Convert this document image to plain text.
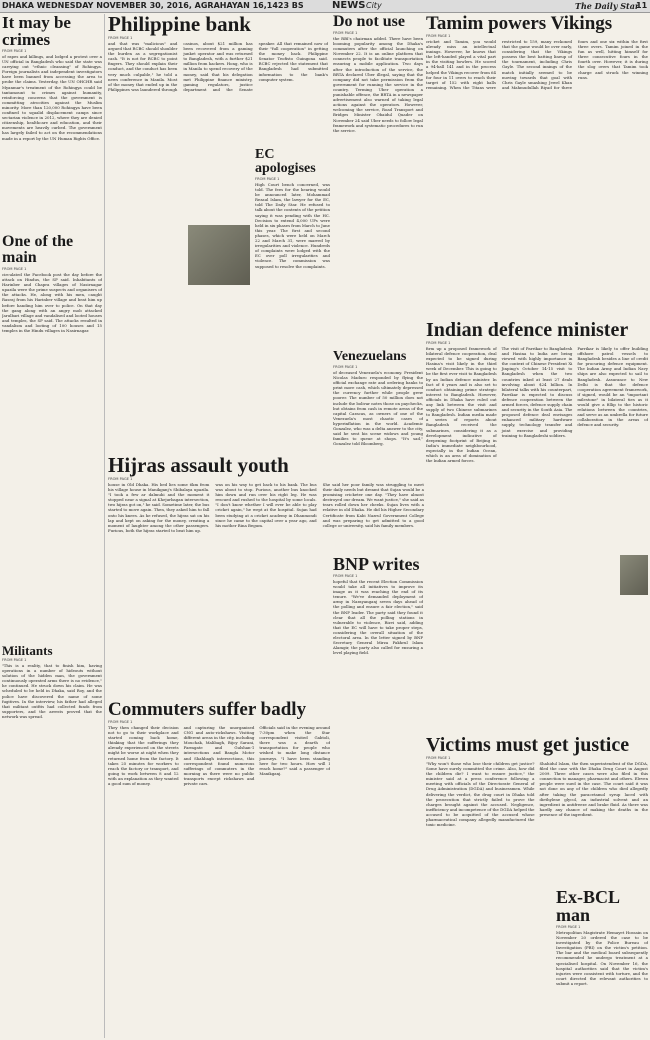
DHAKA WEDNESDAY NOVEMBER 30, 2016, AGRAHAYAN 16,1423 BS	NEWS City	The Daily Star
11
It may be crimes
FROM PAGE 1

of rapes and killings, and lodged a protest over a UN official in Bangladesh who said the state was carrying out "ethnic cleansing" of Rohingya. Foreign journalists and independent investigators have been banned from accessing the area to probe the claims. Yesterday, the UN OHCHR said Myanmar's treatment of the Rohingya could be tantamount to crimes against humanity, reinforcing concerns that the government is committing atrocities against the Muslim minority. More than 120,000 Rohingya have been confined to squalid displacement camps since sectarian violence in 2012, where they are denied citizenship, healthcare and education, and their movements are heavily curbed. The government has largely failed to act on the recommendations made in a report by the UN Human Rights Office.

One of the main
FROM PAGE 1

circulated the Facebook post the day before the attack on Hindus, the SP said. Inhabitants of Harinber and Chapra villages of Nasirnagar upazila were the prime suspects and organisers of the attacks. He, along with his men, caught Rasraj from his Harinber village and beat him up before handing him over to police. On that day the gang along with an angry mob attacked Jarulbari village and vandalised and looted houses and temples, the SP said. The attacks resulted in vandalism and looting of 100 houses and 15 temples in the Hindu villages in Nasirnagar.

Militants
FROM PAGE 1

"This is a reality, that to finish him, having operations in a number of hideouts without solution of the hidden man, the government continuously operated arms there is no evidence," he continued. He struck down his claim. He was scheduled to be held in Dhaka, said Roy, and the police have discovered the name of some fugitives. In the interview, his father had alleged that militant outfits had collected funds from supporters, and the arrests proved that the network was spread.

Philippine bank
FROM PAGE 1

and that was "malicious" and argued that RCBC should shoulder the burden as a segregationist cash. "It is not for RCBC to point fingers. They should explain their conduct, and the conduct has been very much culpable," he told a news conference in Manila. Most of the money that ended up in the Philippines was laundered through casinos, about $21 million has been recovered from a gaming junket operator and was returned to Bangladesh, with a further $21 million from hackers. Hong, who is in Manila to spend recovery of the money, said that his delegation met Philippine finance ministry, gaming regulators, justice department and the Senate speaker. All that remained now of their "full cooperation" in getting the money back. Philippine Senator Teofisto Guingona said. RCBC rejected the statement that Bangladesh had submitted information to the bank's computer system.

EC apologises
FROM PAGE 1

High Court bench concerned, was told. The fees for the hearing would be announced later, Mohammad Rezaul Islam, the lawyer for the EC, told The Daily Star. He refused to talk about the contents of the petition saying it was pending with the HC. Decision to extend 4,000 UPs were held in six phases from March to June this year. The first and second phases, which were held on March 22 and March 31, were marred by irregularities and violence. Hundreds of complaints were lodged with the EC over poll irregularities and violence. The commission was supposed to resolve the complaints.

Do not use
FROM PAGE 1

the RBI's chairman added. There have been booming popularity among the Dhaka's commuters after the official launching on November 22. It is an online platform that connects people to facilitate transportation ensuring a mobile application. Two days after the introduction of the service, the BRTA declared Uber illegal, saying that the company did not take permission from the government for running the service in the country. Terming Uber operation a punishable offence, the BRTA in a newspaper advertisement also warned of taking legal actions against the operators. However, welcoming the service, Road Transport and Bridges Minister Obaidul Quader on November 24 said Uber needs to follow legal framework and systematic procedures to run the service.

Venezuelans
FROM PAGE 1

of deceased Venezuela's economy. President Nicolas Maduro responded by flying the official exchange rate and ordering banks to print more cash, which ultimately depressed the currency further while people grew poorer. The number of 50 million does not include the bolivar notes those on paychecks, but obtains from cash in remote areas of the capital Caracas, as owners of one of the Venezuela's most chaotic cases of hyperinflation in the world. Academic Gonzalez, who was a delta answer to the city, said he sent his scene widows and young families to queue at shops. "It's sad," Gonzalez told Bloomberg.

Tamim powers Vikings
FROM PAGE 1

cricket and Tamim, you would already miss an intellectual innings. However, he knows that the left-handed played a vital part in the visiting bowlers. He scored a 94-ball 141 and in the process helped the Vikings recover from 64 for four in 11 overs to reach their target of 152 with eight balls remaining. When the Titans were restricted to 159, many reckoned that the game would be over early, considering that the Vikings possess the best batting lineup of the tournament, including Chris Gayle. The second innings of the match initially seemed to be moving towards that goal with Chris Gayle smashing Jewel Khan and Mahmudullah Riyad for three fours and one six within the first three overs. Tamim joined in the fun as well, hitting himself for three consecutive fours in the fourth over. However, it is during the slog overs that Tamim took charge and struck the winning runs.

Indian defence minister
FROM PAGE 1

firm up a proposed framework of bilateral defence cooperation, deal expected to be signed during Hasina's visit likely in the third week of December. This is going to be the first ever visit to Bangladesh by an Indian defence minister. In fact of 6 years and is also set to conduct obtaining prime strategic interest to Bangladesh. However, officials in Dhaka have ruled out any link between the visit and supply of two Chinese submarines to Bangladesh. Indian media made a series of reports about Bangladesh received the submarines, considering it as a development indicative of deepening footprint of Beijing in India's immediate neighbourhood, especially in the Indian Ocean, which is an area of domination of the Indian armed forces.

The visit of Parrikar to Bangladesh and Hasina to India are being viewed with highly importance in the context of Chinese President Xi Jinping's October 14-15 visit to Bangladesh when the two countries inked at least 27 deals involving about $24 billion. In bilateral talks with his counterpart, Parrikar is expected to discuss defence cooperation between the armed forces, defence supply chain and security in the South Asia. The proposed defence deal envisages enhanced military hardware supply, technology transfer and joint exercise and providing training to Bangladeshi soldiers.

Parrikar is likely to offer building offshore patrol vessels to Bangladesh besides a line of credit for procuring defence equipment. The Indian Army and Indian Navy ships are also expected to sail to Bangladesh. Assurance to New Delhi is that the defence cooperation agreement framework, if signed, would be an "important milestone" in bilateral ties as it would give a fillip to the historic relations between the countries, and serve as an umbrella for future collaboration in the areas of defence and security.

Hijras assault youth
FROM PAGE 1

house in Old Dhaka. His bed lies some 6km from his village house in Manikganj's Shibalaya upazila. "I took a few ar dalmuhi and the moment it stopped near a signal at Khejurbagan intersection, two hijras got on," he said. Sometime later, the bus started to move again. Then, they asked him to fall onto his knees. As he refused, the hijras sat on his lap and kept on asking for the money, creating a moment of laughter among the other passengers. Furious, both the hijras started to beat him up.

was on his way to get back to his bank. The bus was about to stop. Furious, another bus knocked him down and run over his right leg. He was rescued and rushed to the hospital by some locals. "I don't know whether I will ever be able to play cricket again," he wept at the hospital. Sujan had been studying at a cricket academy in Dhanmondi since he came to the capital over a year ago, and his mother Rina Begum.

She said her poor family was struggling to meet their daily needs but dreamt that Sujan would be a promising cricketer one day. "They have almost destroyed our dream. We want justice," she said as tears rolled down her cheeks. Sujan lives with a relative in old Dhaka. He did his Higher Secondary Certificate from Kabi Nazrul Government College and was preparing to get admitted to a good college or university, said his family members.

BNP writes
FROM PAGE 1

hopeful that the recent Election Commission would take all initiatives to improve its image as it was reaching the end of its tenure. "We've demanded deployment of army in Narayanganj seven days ahead of the polling and ensure a fair election," said the BNP leader. The party said they found it clear that all the polling stations in vulnerable to violence, Rizvi said, adding that the EC will have to take proper steps, considering the overall situation of the electoral area. In the letter signed by BNP Secretary General Mirza Fakhrul Islam Alamgir, the party also called for ensuring a level playing field.

Commuters suffer badly
FROM PAGE 1

They then changed their decision not to go to their workplace and started coming back home, thinking that the sufferings they already experienced on the streets might be worse at night when they returned home from the factory. It takes 25 minutes for workers to reach the factory or transport, and going to work between 8 and 12 with an explanation as they wanted a good sum of money.

and capturing the unorganised CNG and auto-rickshaws. Visiting different areas in the city, including Mouchak, Malibagh, Bijoy Sarani, Farmgate and Gulshan-1 intersections and Bangla Motor and Shahbagh intersections, this correspondent found numerous sufferings of commuters in the morning as there were no public transports except rickshaws and private cars.

Officials said in the evening around 7:30pm when the Star correspondent visited Gabtoli, there was a dearth of transportation for people who wished to make long distance journeys. "I have been standing here for two hours. How will I reach home?" said a passenger of Manikganj.

Victims must get justice
FROM PAGE 1

"Why won't those who lose their children get justice? Some have surely committed the crime. Also, how did the children die? I want to ensure justice," the minister said at a press conference following a meeting with officials of the Directorate General of Drug Administration (DGDA) and businessmen. While delivering the verdict, the drug court in Dhaka told the prosecution that strictly failed to prove the charges brought against the accused. Negligence, inefficiency and incompetence of the DGDA helped the accused to be acquitted of the accused whose pharmaceutical company allegedly manufactured the toxic medicine.

Shahidul Islam, the then superintendent of the DGDA, filed the case with the Dhaka Drug Court in August 2009. Three other cases were also filed in this connection to manager, pharmacist and others. Eleven people were sued in the case. The court said it was not done on any of the children who died allegedly after taking the paracetamol syrup laced with diethylene glycol, an industrial solvent and an ingredient in antifreeze and brake fluid. As there was hardly any chance of making the deaths in the presence of the ingredient.

Ex-BCL man
FROM PAGE 1

Metropolitan Magistrate Hemayet Hossain on November 20 ordered the case to be investigated by the Police Bureau of Investigation (PBI) on the victim's petition. The bar and the medical board subsequently recommended he undergo treatment at a specialised hospital. On November 16, the hospital authorities said that the victim's injuries were consistent with torture, and the court directed the relevant authorities to submit a report.
